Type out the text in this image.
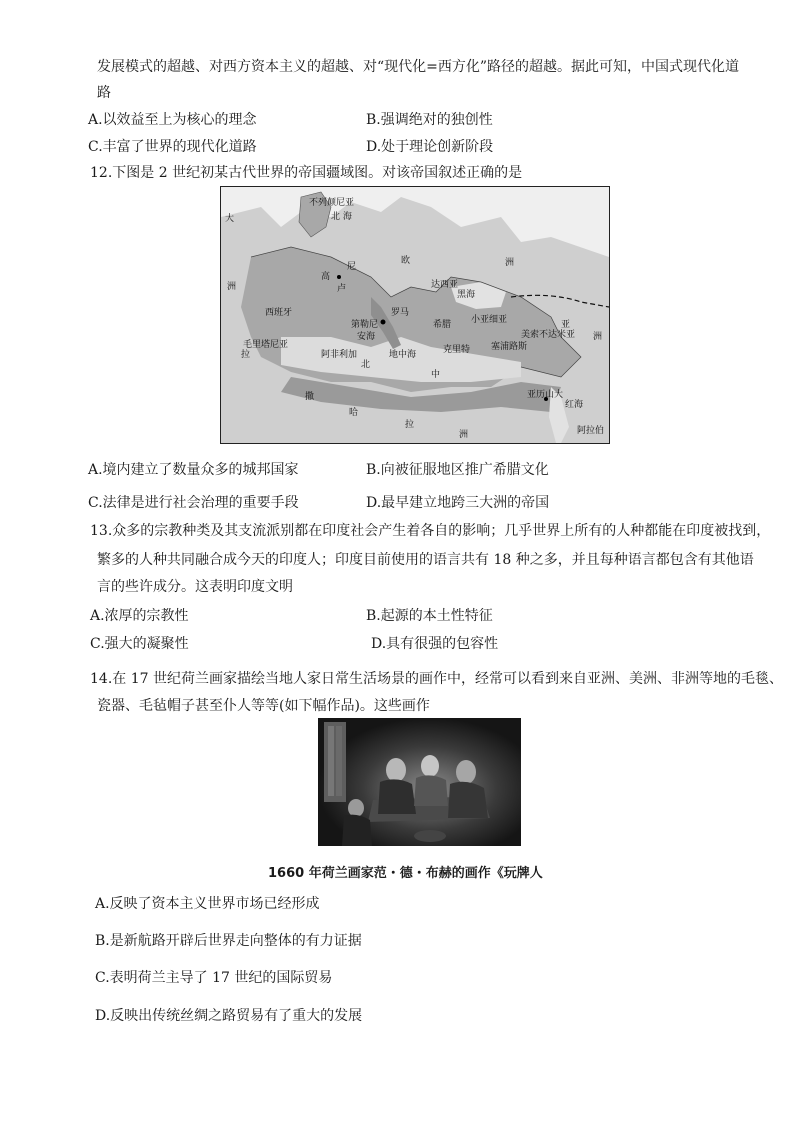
发展模式的超越、对西方资本主义的超越、对“现代化=西方化”路径的超越。据此可知，中国式现代化道
路
A.以效益至上为核心的理念	B.强调绝对的独创性
C.丰富了世界的现代化道路	D.处于理论创新阶段
12.下图是 2 世纪初某古代世界的帝国疆域图。对该帝国叙述正确的是
大
不列颠尼亚
北 海
洲
高
卢
尼
达西亚
西班牙
第勒尼
安海
毛里塔尼亚
拉
北
中
地中海
罗马
希腊
黑海
小亚细亚
克里特 塞浦路斯
美索不达米亚
亚
洲
欧	洲
阿非利加
亚历山大
红海
阿拉伯
撒
哈
拉
洲
A.境内建立了数量众多的城邦国家	B.向被征服地区推广希腊文化
C.法律是进行社会治理的重要手段	D.最早建立地跨三大洲的帝国
13.众多的宗教种类及其支流派别都在印度社会产生着各自的影响；几乎世界上所有的人种都能在印度被找到，
繁多的人种共同融合成今天的印度人；印度目前使用的语言共有 18 种之多，并且每种语言都包含有其他语
言的些许成分。这表明印度文明
A.浓厚的宗教性	B.起源的本土性特征
C.强大的凝聚性	D.具有很强的包容性
14.在 17 世纪荷兰画家描绘当地人家日常生活场景的画作中，经常可以看到来自亚洲、美洲、非洲等地的毛毯、
瓷器、毛毡帽子甚至仆人等等(如下幅作品)。这些画作
1660 年荷兰画家范・德・布赫的画作《玩牌人
A.反映了资本主义世界市场已经形成
B.是新航路开辟后世界走向整体的有力证据
C.表明荷兰主导了 17 世纪的国际贸易
D.反映出传统丝绸之路贸易有了重大的发展
